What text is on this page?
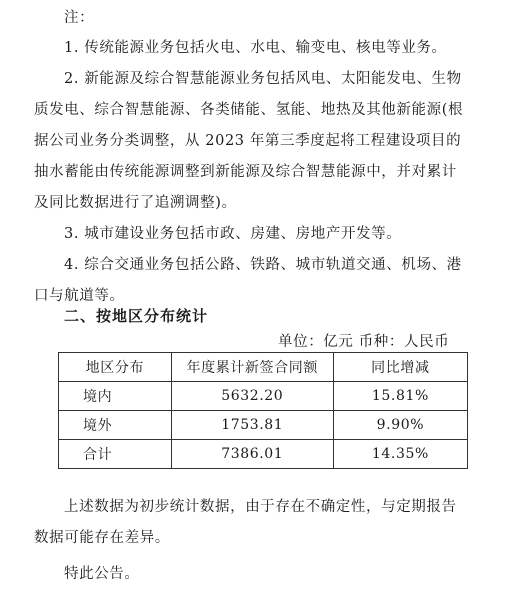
注：
1. 传统能源业务包括火电、水电、输变电、核电等业务。
2. 新能源及综合智慧能源业务包括风电、太阳能发电、生物
质发电、综合智慧能源、各类储能、氢能、地热及其他新能源(根
据公司业务分类调整，从 2023 年第三季度起将工程建设项目的
抽水蓄能由传统能源调整到新能源及综合智慧能源中，并对累计
及同比数据进行了追溯调整)。
3. 城市建设业务包括市政、房建、房地产开发等。
4. 综合交通业务包括公路、铁路、城市轨道交通、机场、港
口与航道等。
二、按地区分布统计
单位：亿元 币种：人民币
地区分布	年度累计新签合同额	同比增减
境内	5632.20	15.81%
境外	1753.81	9.90%
合计	7386.01	14.35%
上述数据为初步统计数据，由于存在不确定性，与定期报告
数据可能存在差异。
特此公告。
